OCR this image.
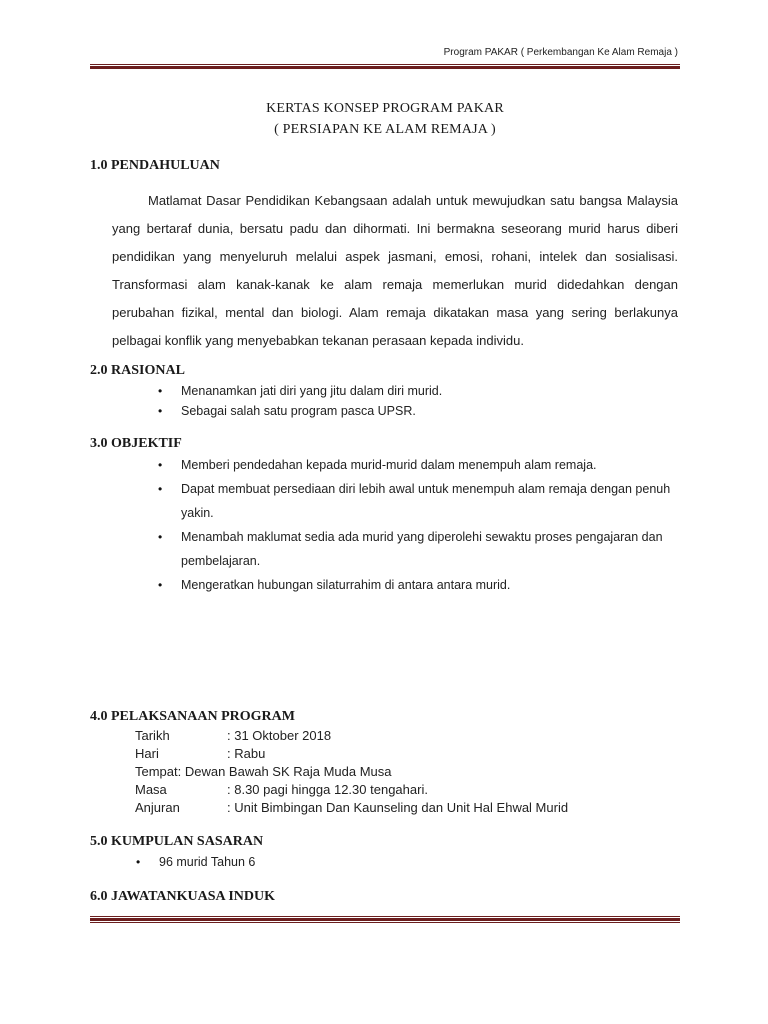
Program PAKAR ( Perkembangan Ke Alam Remaja )
KERTAS KONSEP PROGRAM PAKAR
( PERSIAPAN KE ALAM REMAJA )
1.0 PENDAHULUAN
Matlamat Dasar Pendidikan Kebangsaan adalah untuk mewujudkan satu bangsa Malaysia yang bertaraf dunia, bersatu padu dan dihormati. Ini bermakna seseorang murid harus diberi pendidikan yang menyeluruh melalui aspek jasmani, emosi, rohani, intelek dan sosialisasi. Transformasi alam kanak-kanak ke alam remaja memerlukan murid didedahkan dengan perubahan fizikal, mental dan biologi. Alam remaja dikatakan masa yang sering berlakunya pelbagai konflik yang menyebabkan tekanan perasaan kepada individu.
2.0 RASIONAL
• Menanamkan jati diri yang jitu dalam diri murid.
• Sebagai salah satu program pasca UPSR.
3.0 OBJEKTIF
• Memberi pendedahan kepada murid-murid dalam menempuh alam remaja.
• Dapat membuat persediaan diri lebih awal untuk menempuh alam remaja dengan penuh yakin.
• Menambah maklumat sedia ada murid yang diperolehi sewaktu proses pengajaran dan pembelajaran.
• Mengeratkan hubungan silaturrahim di antara antara murid.
4.0 PELAKSANAAN PROGRAM
Tarikh	: 31 Oktober 2018
Hari	: Rabu
Tempat: Dewan Bawah SK Raja Muda Musa
Masa	: 8.30 pagi hingga 12.30 tengahari.
Anjuran	: Unit Bimbingan Dan Kaunseling dan Unit Hal Ehwal Murid
5.0 KUMPULAN SASARAN
• 96 murid Tahun 6
6.0 JAWATANKUASA INDUK
